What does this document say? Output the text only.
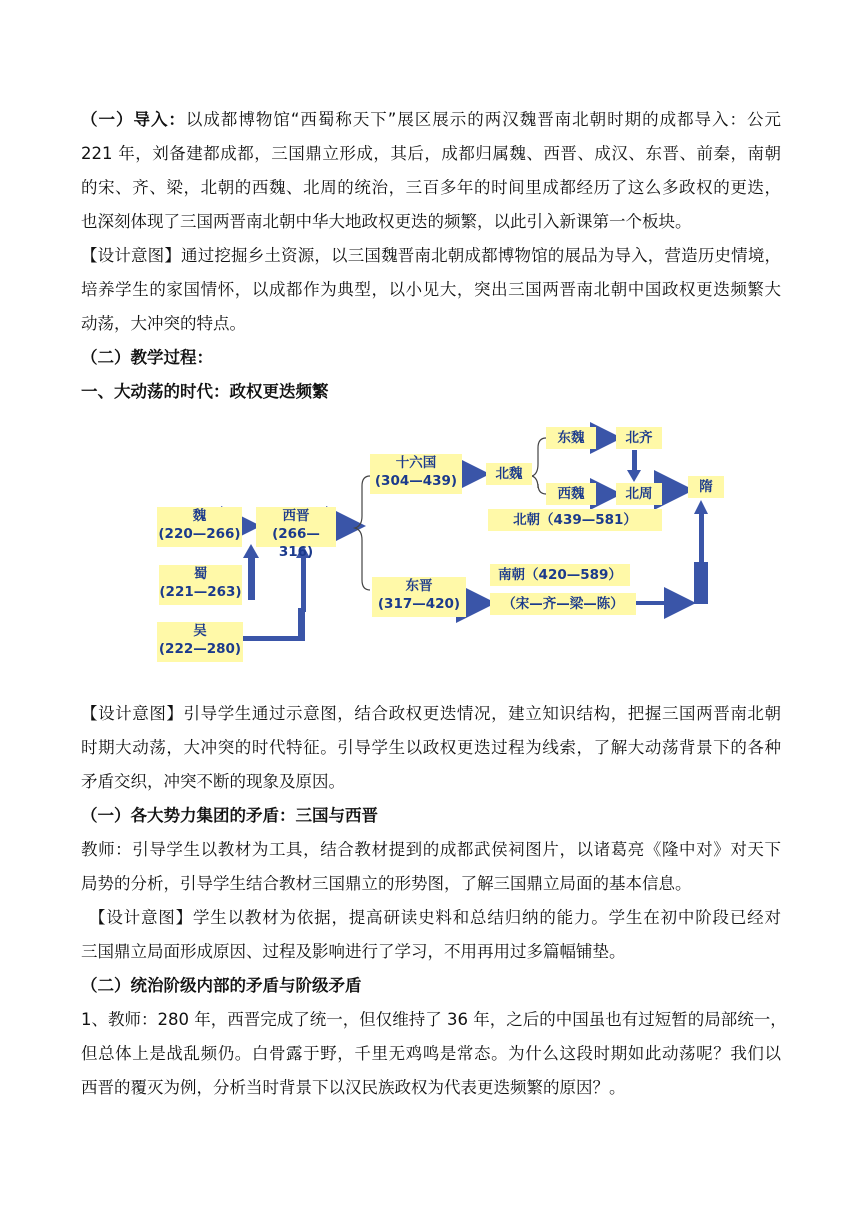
（一）导入：以成都博物馆“西蜀称天下”展区展示的两汉魏晋南北朝时期的成都导入：公元
221 年，刘备建都成都，三国鼎立形成，其后，成都归属魏、西晋、成汉、东晋、前秦，南朝
的宋、齐、梁，北朝的西魏、北周的统治，三百多年的时间里成都经历了这么多政权的更迭，
也深刻体现了三国两晋南北朝中华大地政权更迭的频繁，以此引入新课第一个板块。
【设计意图】通过挖掘乡土资源，以三国魏晋南北朝成都博物馆的展品为导入，营造历史情境，
培养学生的家国情怀，以成都作为典型，以小见大，突出三国两晋南北朝中国政权更迭频繁大
动荡，大冲突的特点。
（二）教学过程：
一、大动荡的时代：政权更迭频繁
魏
(220—266)
蜀
(221—263)
吴
(222—280)
西晋
(266—316)
十六国
(304—439)
东晋
(317—420)
北魏
东魏
西魏
北齐
北周	隋
北朝（439—581）
南朝（420—589）
（宋—齐—梁—陈）
【设计意图】引导学生通过示意图，结合政权更迭情况，建立知识结构，把握三国两晋南北朝
时期大动荡，大冲突的时代特征。引导学生以政权更迭过程为线索，了解大动荡背景下的各种
矛盾交织，冲突不断的现象及原因。
（一）各大势力集团的矛盾：三国与西晋
教师：引导学生以教材为工具，结合教材提到的成都武侯祠图片，以诸葛亮《隆中对》对天下
局势的分析，引导学生结合教材三国鼎立的形势图，了解三国鼎立局面的基本信息。
【设计意图】学生以教材为依据，提高研读史料和总结归纳的能力。学生在初中阶段已经对
三国鼎立局面形成原因、过程及影响进行了学习，不用再用过多篇幅铺垫。
（二）统治阶级内部的矛盾与阶级矛盾
1、教师：280 年，西晋完成了统一，但仅维持了 36 年，之后的中国虽也有过短暂的局部统一，
但总体上是战乱频仍。白骨露于野，千里无鸡鸣是常态。为什么这段时期如此动荡呢？我们以
西晋的覆灭为例，分析当时背景下以汉民族政权为代表更迭频繁的原因？。
